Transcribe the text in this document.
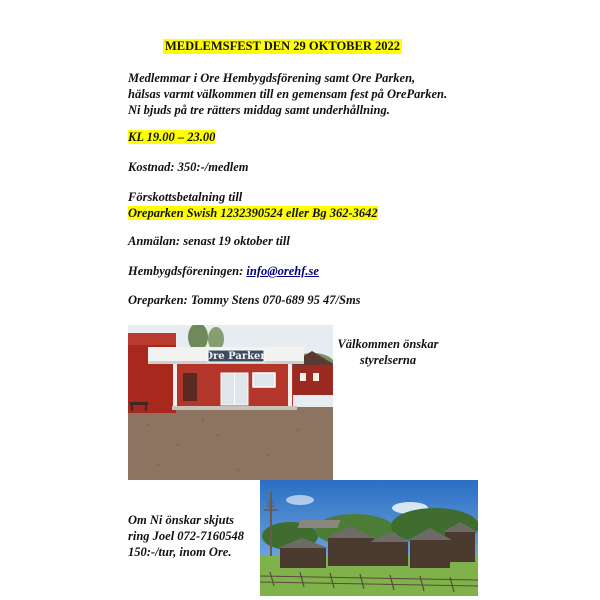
MEDLEMSFEST DEN 29 OKTOBER 2022
Medlemmar i Ore Hembygdsförening samt Ore Parken,
hälsas varmt välkommen till en gemensam fest på OreParken.
Ni bjuds på tre rätters middag samt underhållning.
KL 19.00 – 23.00
Kostnad: 350:-/medlem
Förskottsbetalning till
Oreparken Swish 1232390524 eller Bg 362-3642
Anmälan: senast 19 oktober till
Hembygdsföreningen: info@orehf.se
Oreparken: Tommy Stens 070-689 95 47/Sms
Ore Parken
Välkommen önskar
styrelserna
Om Ni önskar skjuts
ring Joel 072-7160548
150:-/tur, inom Ore.
